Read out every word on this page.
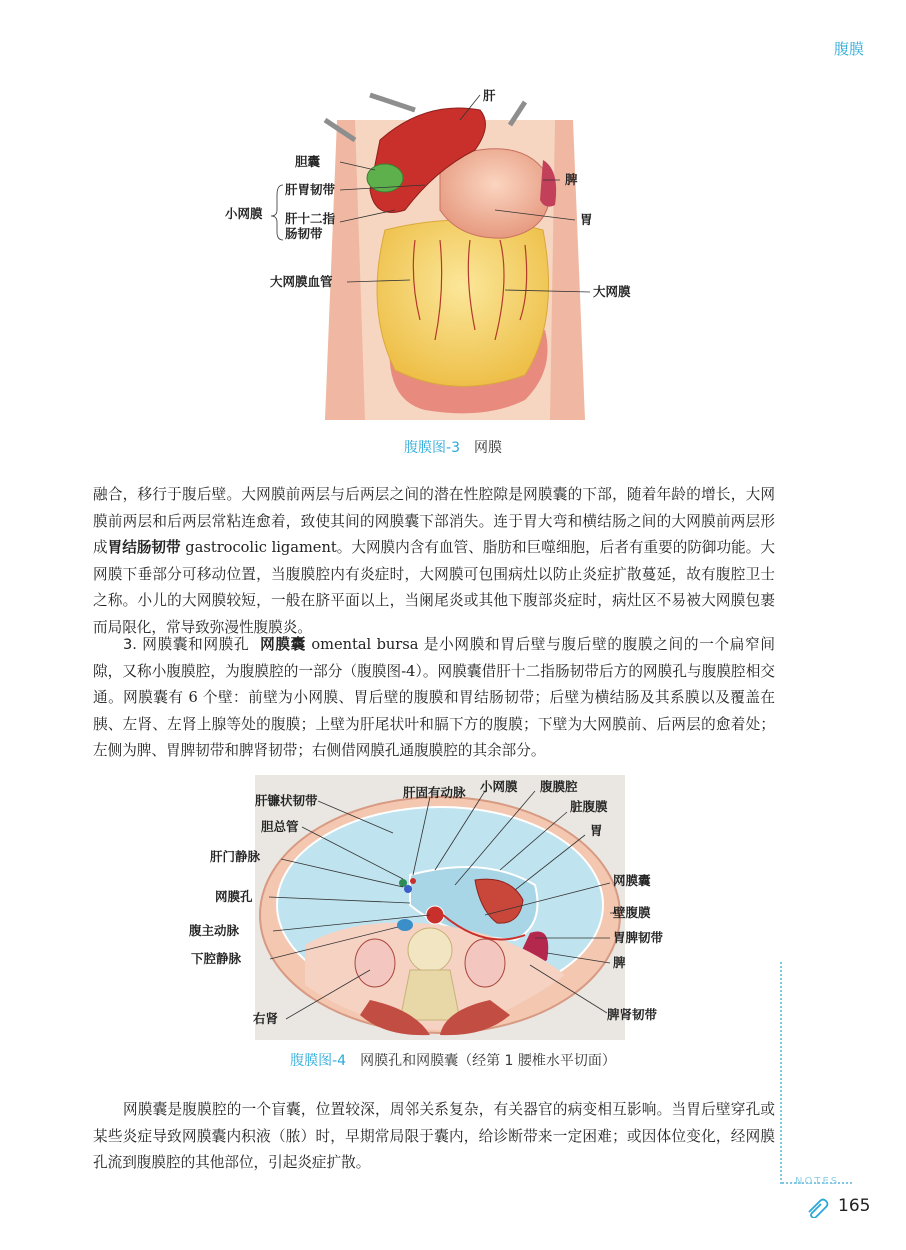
腹膜
肝
胆囊
小网膜
肝胃韧带
肝十二指
肠韧带
脾
胃
大网膜血管
大网膜
腹膜图-3 网膜

融合，移行于腹后壁。大网膜前两层与后两层之间的潜在性腔隙是网膜囊的下部，随着年龄的增长，大网膜前两层和后两层常粘连愈着，致使其间的网膜囊下部消失。连于胃大弯和横结肠之间的大网膜前两层形成胃结肠韧带 gastrocolic ligament。大网膜内含有血管、脂肪和巨噬细胞，后者有重要的防御功能。大网膜下垂部分可移动位置，当腹膜腔内有炎症时，大网膜可包围病灶以防止炎症扩散蔓延，故有腹腔卫士之称。小儿的大网膜较短，一般在脐平面以上，当阑尾炎或其他下腹部炎症时，病灶区不易被大网膜包裹而局限化，常导致弥漫性腹膜炎。

3. 网膜囊和网膜孔 网膜囊 omental bursa 是小网膜和胃后壁与腹后壁的腹膜之间的一个扁窄间隙，又称小腹膜腔，为腹膜腔的一部分（腹膜图-4）。网膜囊借肝十二指肠韧带后方的网膜孔与腹膜腔相交通。网膜囊有 6 个壁：前壁为小网膜、胃后壁的腹膜和胃结肠韧带；后壁为横结肠及其系膜以及覆盖在胰、左肾、左肾上腺等处的腹膜；上壁为肝尾状叶和膈下方的腹膜；下壁为大网膜前、后两层的愈着处；左侧为脾、胃脾韧带和脾肾韧带；右侧借网膜孔通腹膜腔的其余部分。

肝镰状韧带
肝固有动脉 小网膜 腹膜腔
脏腹膜
胆总管	胃
肝门静脉
网膜囊
网膜孔
壁腹膜
腹主动脉	胃脾韧带
下腔静脉	脾
右肾	脾肾韧带
腹膜图-4 网膜孔和网膜囊（经第 1 腰椎水平切面）

网膜囊是腹膜腔的一个盲囊，位置较深，周邻关系复杂，有关器官的病变相互影响。当胃后壁穿孔或某些炎症导致网膜囊内积液（脓）时，早期常局限于囊内，给诊断带来一定困难；或因体位变化，经网膜孔流到腹膜腔的其他部位，引起炎症扩散。

NOTES
165
